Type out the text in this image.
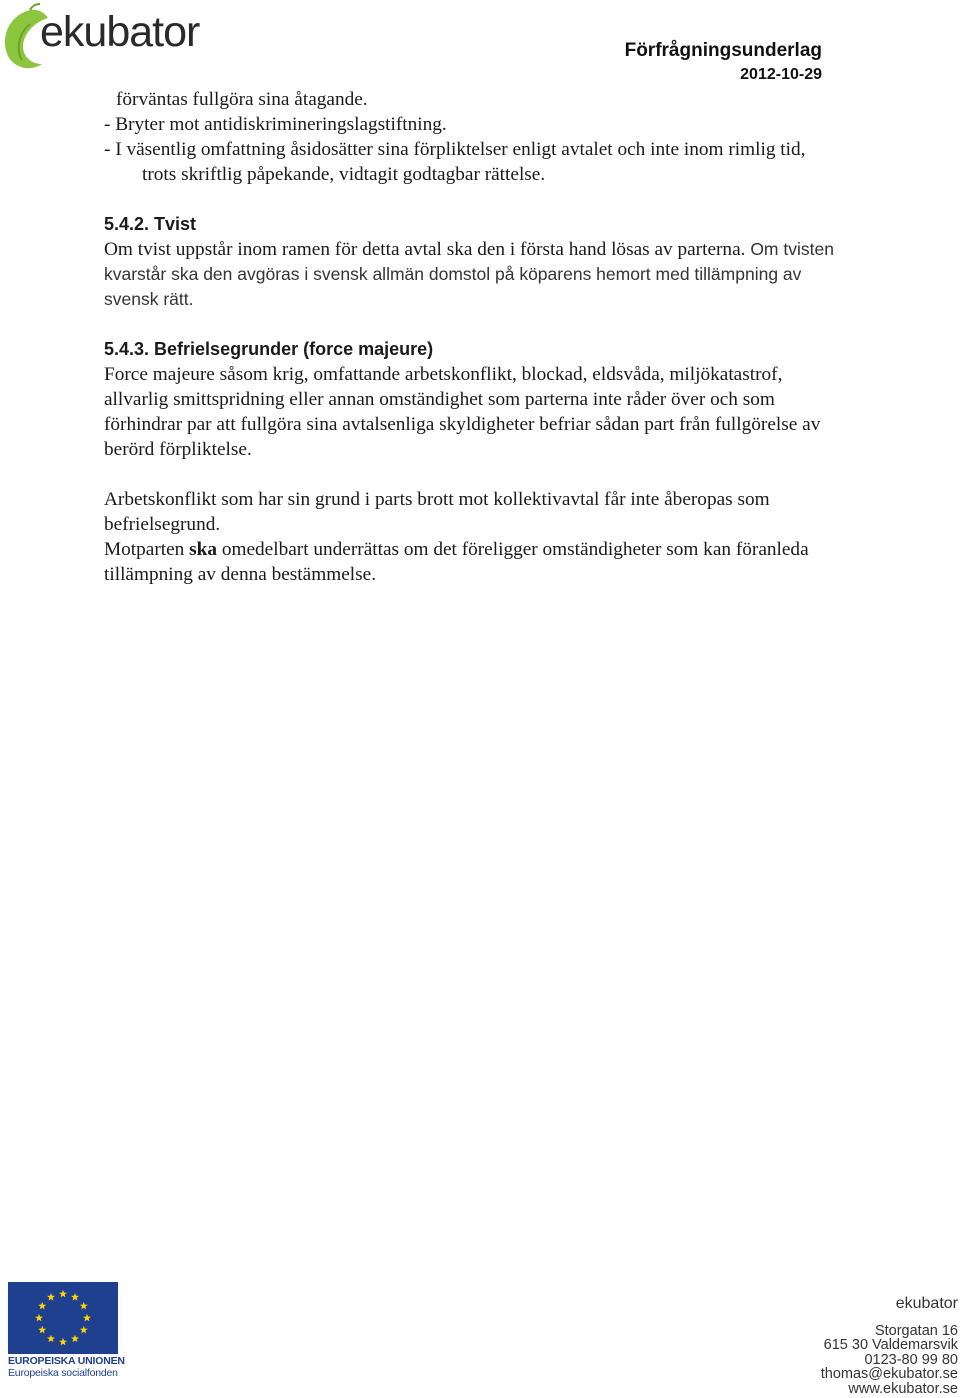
ekubator	Förfrågningsunderlag
2012-10-29

förväntas fullgöra sina åtagande.

- Bryter mot antidiskrimineringslagstiftning.

- I väsentlig omfattning åsidosätter sina förpliktelser enligt avtalet och inte inom rimlig tid, trots skriftlig påpekande, vidtagit godtagbar rättelse.

5.4.2. Tvist

Om tvist uppstår inom ramen för detta avtal ska den i första hand lösas av parterna. Om tvisten kvarstår ska den avgöras i svensk allmän domstol på köparens hemort med tillämpning av svensk rätt.

5.4.3. Befrielsegrunder (force majeure)

Force majeure såsom krig, omfattande arbetskonflikt, blockad, eldsvåda, miljökatastrof, allvarlig smittspridning eller annan omständighet som parterna inte råder över och som förhindrar par att fullgöra sina avtalsenliga skyldigheter befriar sådan part från fullgörelse av berörd förpliktelse.

Arbetskonflikt som har sin grund i parts brott mot kollektivavtal får inte åberopas som befrielsegrund.

Motparten ska omedelbart underrättas om det föreligger omständigheter som kan föranleda tillämpning av denna bestämmelse.

EUROPEISKA UNIONEN
Europeiska socialfonden
ekubator
Storgatan 16
615 30 Valdemarsvik
0123-80 99 80
thomas@ekubator.se
www.ekubator.se
